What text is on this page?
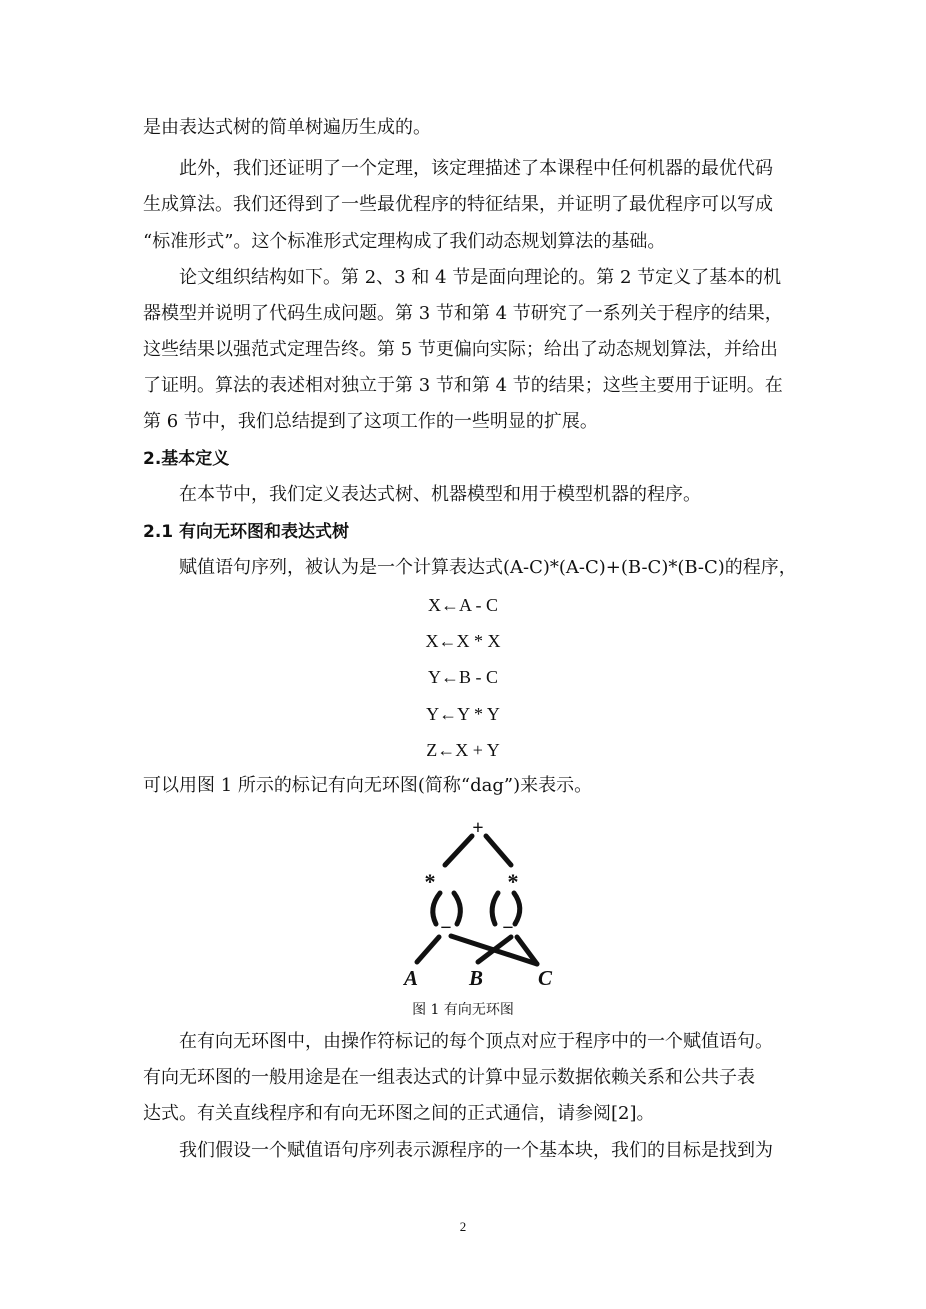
是由表达式树的简单树遍历生成的。
此外，我们还证明了一个定理，该定理描述了本课程中任何机器的最优代码
生成算法。我们还得到了一些最优程序的特征结果，并证明了最优程序可以写成
“标准形式”。这个标准形式定理构成了我们动态规划算法的基础。
论文组织结构如下。第 2、3 和 4 节是面向理论的。第 2 节定义了基本的机
器模型并说明了代码生成问题。第 3 节和第 4 节研究了一系列关于程序的结果，
这些结果以强范式定理告终。第 5 节更偏向实际；给出了动态规划算法，并给出
了证明。算法的表述相对独立于第 3 节和第 4 节的结果；这些主要用于证明。在
第 6 节中，我们总结提到了这项工作的一些明显的扩展。
2.基本定义
在本节中，我们定义表达式树、机器模型和用于模型机器的程序。
2.1 有向无环图和表达式树
赋值语句序列，被认为是一个计算表达式(A-C)*(A-C)+(B-C)*(B-C)的程序，
X←A - C
X←X * X
Y←B - C
Y←Y * Y
Z←X + Y
可以用图 1 所示的标记有向无环图(简称“dag”)来表示。
+
*	*
−	−
A B	C
图 1 有向无环图
在有向无环图中，由操作符标记的每个顶点对应于程序中的一个赋值语句。
有向无环图的一般用途是在一组表达式的计算中显示数据依赖关系和公共子表
达式。有关直线程序和有向无环图之间的正式通信，请参阅[2]。
我们假设一个赋值语句序列表示源程序的一个基本块，我们的目标是找到为
2
